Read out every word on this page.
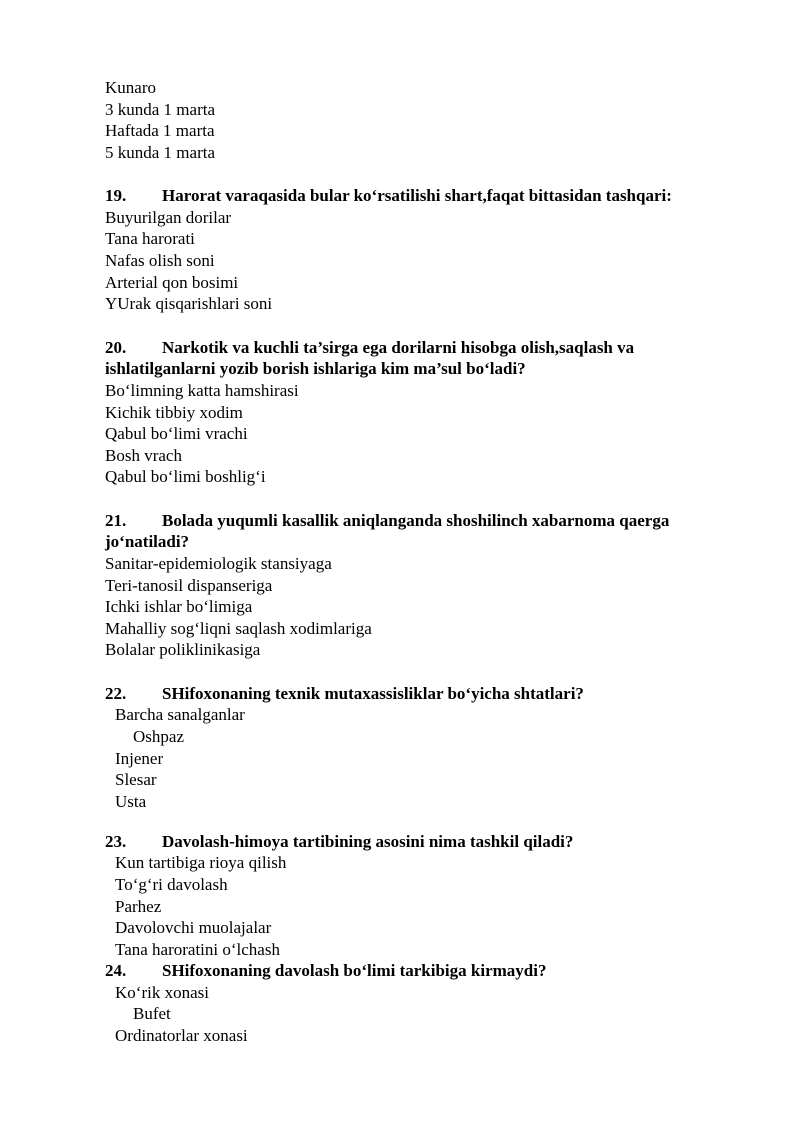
Kunaro
3 kunda 1 marta
Haftada 1 marta
5 kunda 1 marta
19. Harorat varaqasida bular ko‘rsatilishi shart,faqat bittasidan tashqari:
Buyurilgan dorilar
Tana harorati
Nafas olish soni
Arterial qon bosimi
YUrak qisqarishlari soni
20. Narkotik va kuchli ta’sirga ega dorilarni hisobga olish,saqlash va
ishlatilganlarni yozib borish ishlariga kim ma’sul bo‘ladi?
Bo‘limning katta hamshirasi
Kichik tibbiy xodim
Qabul bo‘limi vrachi
Bosh vrach
Qabul bo‘limi boshlig‘i
21. Bolada yuqumli kasallik aniqlanganda shoshilinch xabarnoma qaerga
jo‘natiladi?
Sanitar-epidemiologik stansiyaga
Teri-tanosil dispanseriga
Ichki ishlar bo‘limiga
Mahalliy sog‘liqni saqlash xodimlariga
Bolalar poliklinikasiga
22. SHifoxonaning texnik mutaxassisliklar bo‘yicha shtatlari?
Barcha sanalganlar
Oshpaz
Injener
Slesar
Usta
23. Davolash-himoya tartibining asosini nima tashkil qiladi?
Kun tartibiga rioya qilish
To‘g‘ri davolash
Parhez
Davolovchi muolajalar
Tana haroratini o‘lchash
24. SHifoxonaning davolash bo‘limi tarkibiga kirmaydi?
Ko‘rik xonasi
Bufet
Ordinatorlar xonasi
